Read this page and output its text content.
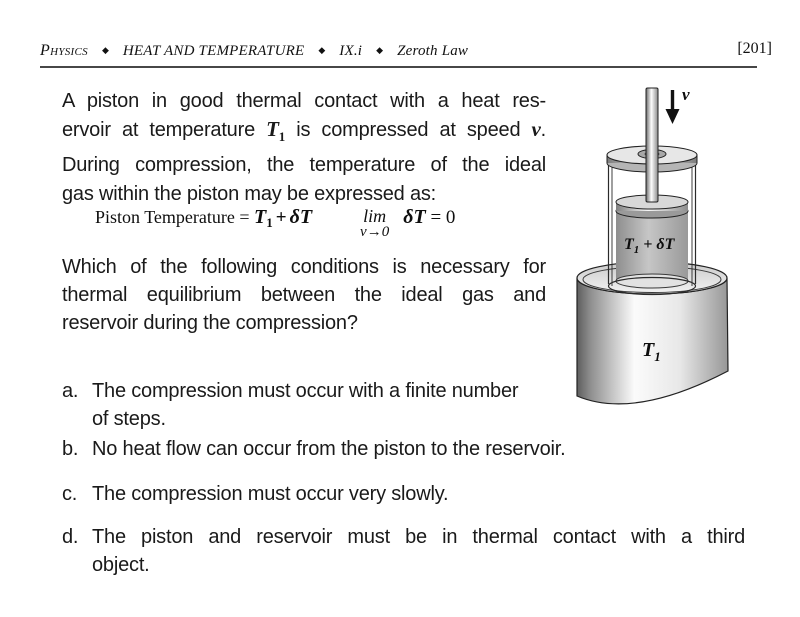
Physics ◆ HEAT AND TEMPERATURE ◆ IX.i ◆ Zeroth Law	[201]
A piston in good thermal contact with a heat res-
ervoir at temperature $T_1$ is compressed at speed v.
During compression, the temperature of the ideal
gas within the piston may be expressed as:
Piston Temperature = $T_1 + \delta T$	lim
v→0
δT = 0
Which of the following conditions is necessary for
thermal equilibrium between the ideal gas and
reservoir during the compression?
a. The compression must occur with a finite number
of steps.
b. No heat flow can occur from the piston to the reservoir.
c. The compression must occur very slowly.
d. The piston and reservoir must be in thermal contact with a third
object.
$T_1$
$T_1 + \delta T$
v
